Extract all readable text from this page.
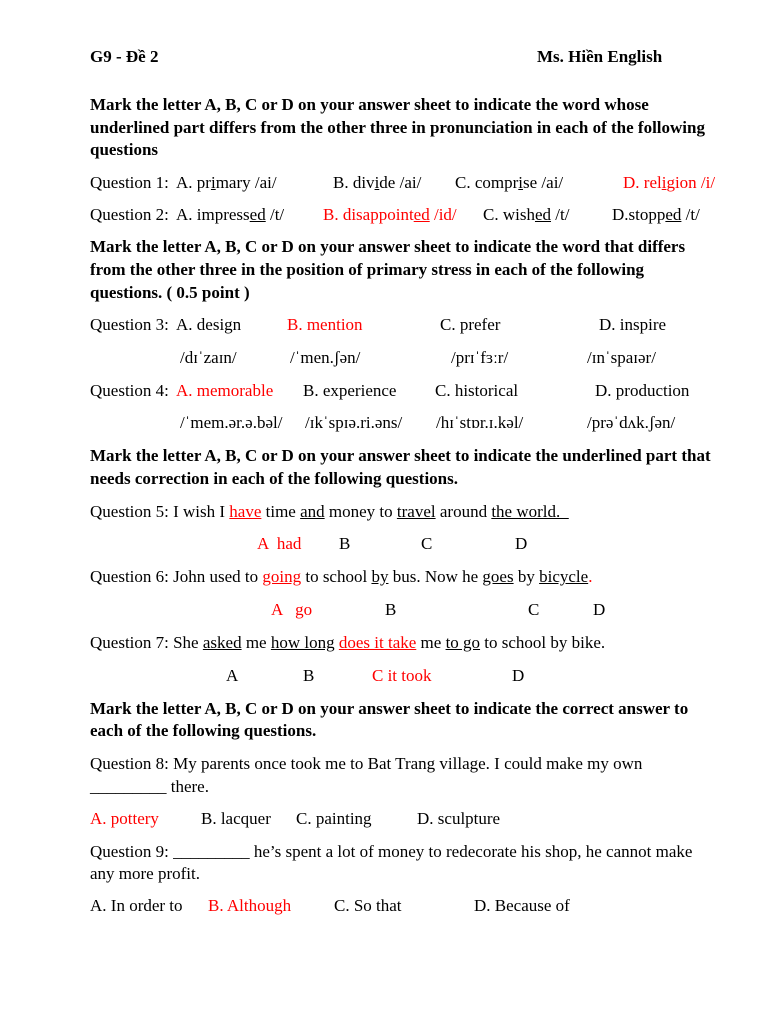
G9 - Đề 2	Ms. Hiền English
Mark the letter A, B, C or D on your answer sheet to indicate the word whose
underlined part differs from the other three in pronunciation in each of the following
questions
Question 1: A. primary /ai/	B. divide /ai/ C. comprise /ai/	D. religion /i/
Question 2: A. impressed /t/ B. disappointed /id/ C. wished /t/	D.stopped /t/
Mark the letter A, B, C or D on your answer sheet to indicate the word that differs
from the other three in the position of primary stress in each of the following
questions. ( 0.5 point )
Question 3: A. design	B. mention	C. prefer	D. inspire
/dɪˈzaɪn/	/ˈmen.ʃən/	/prɪˈfɜːr/	/ɪnˈspaɪər/
Question 4: A. memorable B. experience C. historical	D. production
/ˈmem.ər.ə.bəl/ /ɪkˈspɪə.ri.əns/ /hɪˈstɒr.ɪ.kəl/	/prəˈdʌk.ʃən/
Mark the letter A, B, C or D on your answer sheet to indicate the underlined part that
needs correction in each of the following questions.
Question 5: I wish I have time and money to travel around the world.
A  had B	C	D
Question 6: John used to going to school by bus. Now he goes by bicycle.
A   go	B	C	D
Question 7: She asked me how long does it take me to go to school by bike.
A	B	C it took	D
Mark the letter A, B, C or D on your answer sheet to indicate the correct answer to
each of the following questions.
Question 8: My parents once took me to Bat Trang village. I could make my own
_________ there.
A. pottery B. lacquer C. painting	D. sculpture
Question 9: _________ he’s spent a lot of money to redecorate his shop, he cannot make
any more profit.
A. In order to B. Although	C. So that	D. Because of
